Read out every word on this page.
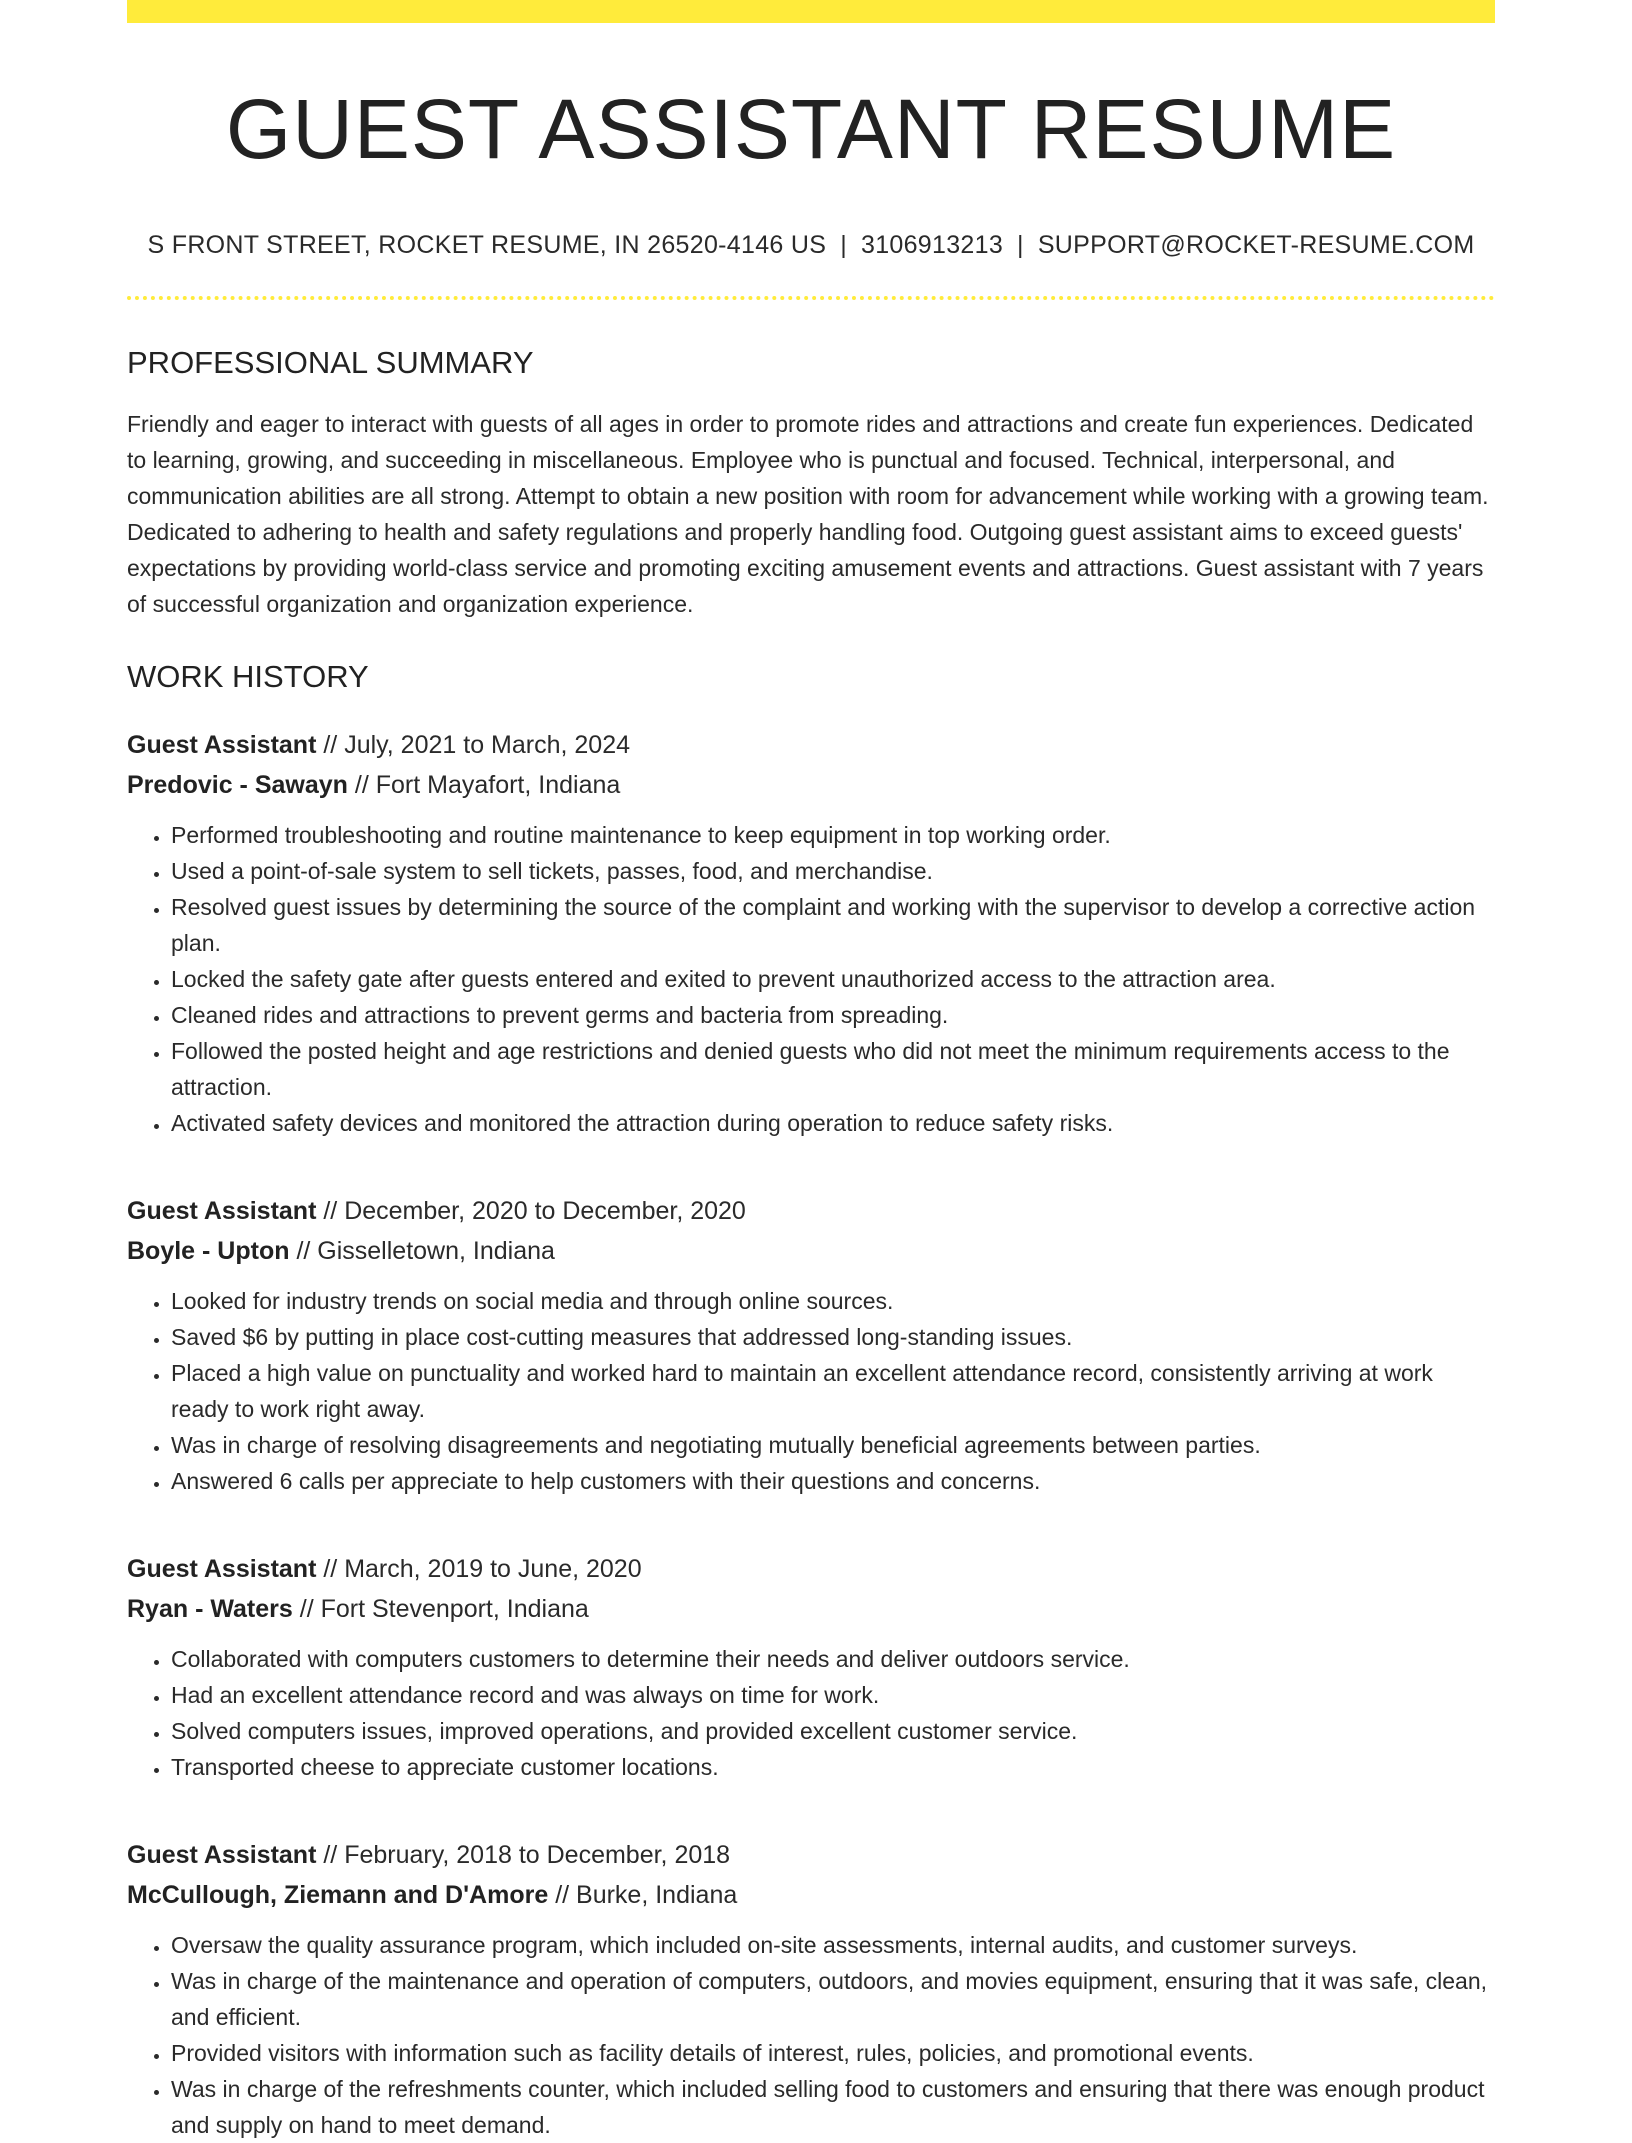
GUEST ASSISTANT RESUME
S FRONT STREET, ROCKET RESUME, IN 26520-4146 US | 3106913213 | SUPPORT@ROCKET-RESUME.COM
PROFESSIONAL SUMMARY

Friendly and eager to interact with guests of all ages in order to promote rides and attractions and create fun experiences. Dedicated to learning, growing, and succeeding in miscellaneous. Employee who is punctual and focused. Technical, interpersonal, and communication abilities are all strong. Attempt to obtain a new position with room for advancement while working with a growing team. Dedicated to adhering to health and safety regulations and properly handling food. Outgoing guest assistant aims to exceed guests' expectations by providing world-class service and promoting exciting amusement events and attractions. Guest assistant with 7 years of successful organization and organization experience.

WORK HISTORY
Guest Assistant // July, 2021 to March, 2024
Predovic - Sawayn // Fort Mayafort, Indiana
• Performed troubleshooting and routine maintenance to keep equipment in top working order.
• Used a point-of-sale system to sell tickets, passes, food, and merchandise.
• Resolved guest issues by determining the source of the complaint and working with the supervisor to develop a corrective action plan.
• Locked the safety gate after guests entered and exited to prevent unauthorized access to the attraction area.
• Cleaned rides and attractions to prevent germs and bacteria from spreading.
• Followed the posted height and age restrictions and denied guests who did not meet the minimum requirements access to the attraction.
• Activated safety devices and monitored the attraction during operation to reduce safety risks.
Guest Assistant // December, 2020 to December, 2020
Boyle - Upton // Gisselletown, Indiana
• Looked for industry trends on social media and through online sources.
• Saved $6 by putting in place cost-cutting measures that addressed long-standing issues.
• Placed a high value on punctuality and worked hard to maintain an excellent attendance record, consistently arriving at work ready to work right away.
• Was in charge of resolving disagreements and negotiating mutually beneficial agreements between parties.
• Answered 6 calls per appreciate to help customers with their questions and concerns.
Guest Assistant // March, 2019 to June, 2020
Ryan - Waters // Fort Stevenport, Indiana
• Collaborated with computers customers to determine their needs and deliver outdoors service.
• Had an excellent attendance record and was always on time for work.
• Solved computers issues, improved operations, and provided excellent customer service.
• Transported cheese to appreciate customer locations.
Guest Assistant // February, 2018 to December, 2018
McCullough, Ziemann and D'Amore // Burke, Indiana
• Oversaw the quality assurance program, which included on-site assessments, internal audits, and customer surveys.
• Was in charge of the maintenance and operation of computers, outdoors, and movies equipment, ensuring that it was safe, clean, and efficient.
• Provided visitors with information such as facility details of interest, rules, policies, and promotional events.
• Was in charge of the refreshments counter, which included selling food to customers and ensuring that there was enough product and supply on hand to meet demand.
